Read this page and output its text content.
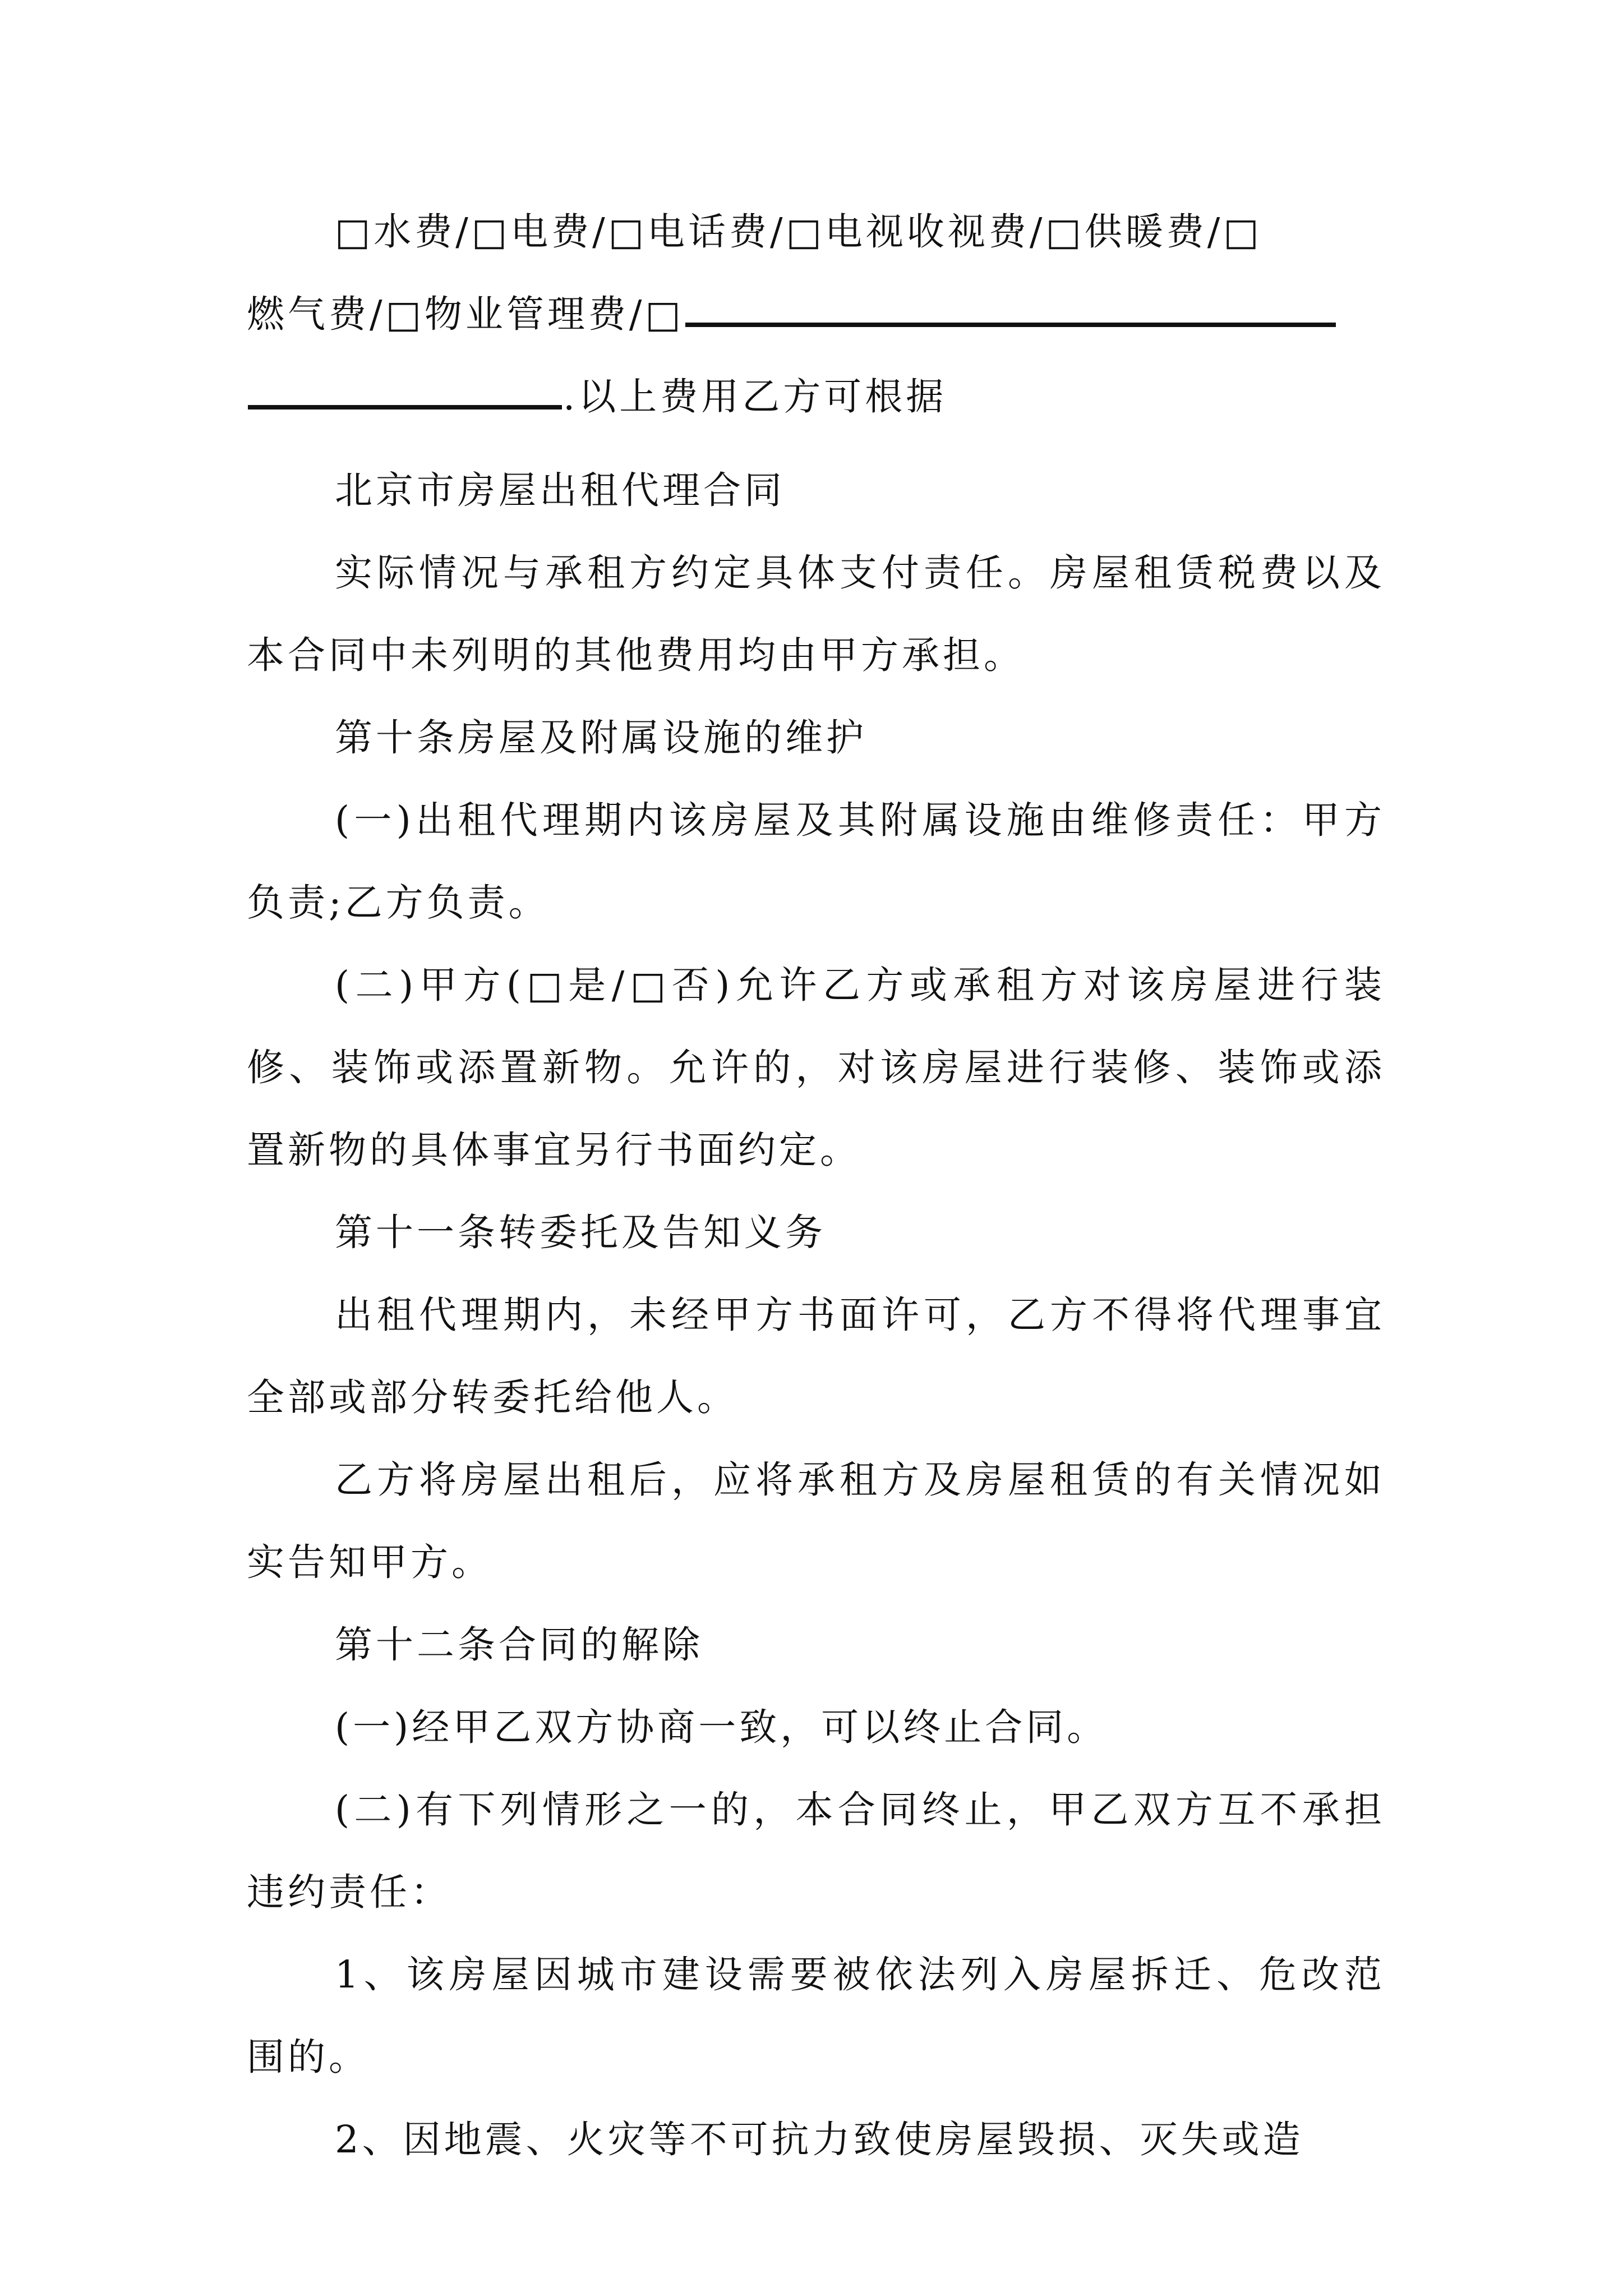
□水费/□电费/□电话费/□电视收视费/□供暖费/□
燃气费/□物业管理费/□
.以上费用乙方可根据

北京市房屋出租代理合同

实际情况与承租方约定具体支付责任。房屋租赁税费以及本合同中未列明的其他费用均由甲方承担。

第十条房屋及附属设施的维护

(一)出租代理期内该房屋及其附属设施由维修责任：甲方负责;乙方负责。

(二)甲方(□是/□否)允许乙方或承租方对该房屋进行装修、装饰或添置新物。允许的，对该房屋进行装修、装饰或添置新物的具体事宜另行书面约定。

第十一条转委托及告知义务

出租代理期内，未经甲方书面许可，乙方不得将代理事宜全部或部分转委托给他人。

乙方将房屋出租后，应将承租方及房屋租赁的有关情况如实告知甲方。

第十二条合同的解除

(一)经甲乙双方协商一致，可以终止合同。

(二)有下列情形之一的，本合同终止，甲乙双方互不承担违约责任：

1、该房屋因城市建设需要被依法列入房屋拆迁、危改范围的。

2、因地震、火灾等不可抗力致使房屋毁损、灭失或造
